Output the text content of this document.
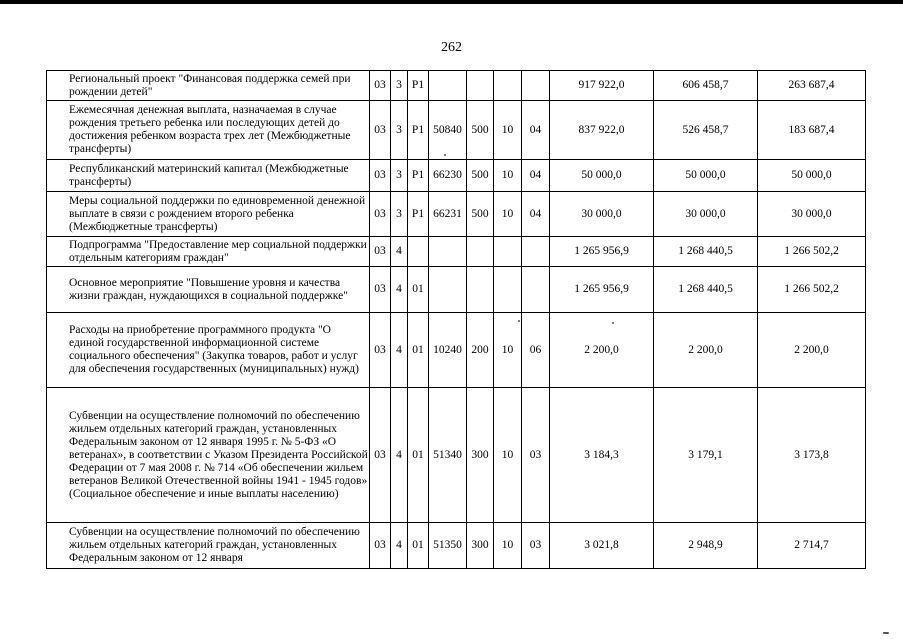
262
Региональный проект "Финансовая поддержка семей при рождении детей"	03	3	P1					917 922,0	606 458,7	263 687,4
Ежемесячная денежная выплата, назначаемая в случае рождения третьего ребенка или последующих детей до достижения ребенком возраста трех лет (Межбюджетные трансферты)	03	3	P1	50840	500	10	04	837 922,0	526 458,7	183 687,4
Республиканский материнский капитал (Межбюджетные трансферты)	03	3	P1	66230	500	10	04	50 000,0	50 000,0	50 000,0
Меры социальной поддержки по единовременной денежной выплате в связи с рождением второго ребенка (Межбюджетные трансферты)	03	3	P1	66231	500	10	04	30 000,0	30 000,0	30 000,0
Подпрограмма "Предоставление мер социальной поддержки отдельным категориям граждан"	03	4						1 265 956,9	1 268 440,5	1 266 502,2
Основное мероприятие "Повышение уровня и качества жизни граждан, нуждающихся в социальной поддержке"	03	4	01					1 265 956,9	1 268 440,5	1 266 502,2
Расходы на приобретение программного продукта "О единой государственной информационной системе социального обеспечения" (Закупка товаров, работ и услуг для обеспечения государственных (муниципальных) нужд)	03	4	01	10240	200	10	06	2 200,0	2 200,0	2 200,0
Субвенции на осуществление полномочий по обеспечению жильем отдельных категорий граждан, установленных Федеральным законом от 12 января 1995 г. № 5-ФЗ «О ветеранах», в соответствии с Указом Президента Российской Федерации от 7 мая 2008 г. № 714 «Об обеспечении жильем ветеранов Великой Отечественной войны 1941 - 1945 годов» (Социальное обеспечение и иные выплаты населению)	03	4	01	51340	300	10	03	3 184,3	3 179,1	3 173,8
Субвенции на осуществление полномочий по обеспечению жильем отдельных категорий граждан, установленных Федеральным законом от 12 января	03	4	01	51350	300	10	03	3 021,8	2 948,9	2 714,7
